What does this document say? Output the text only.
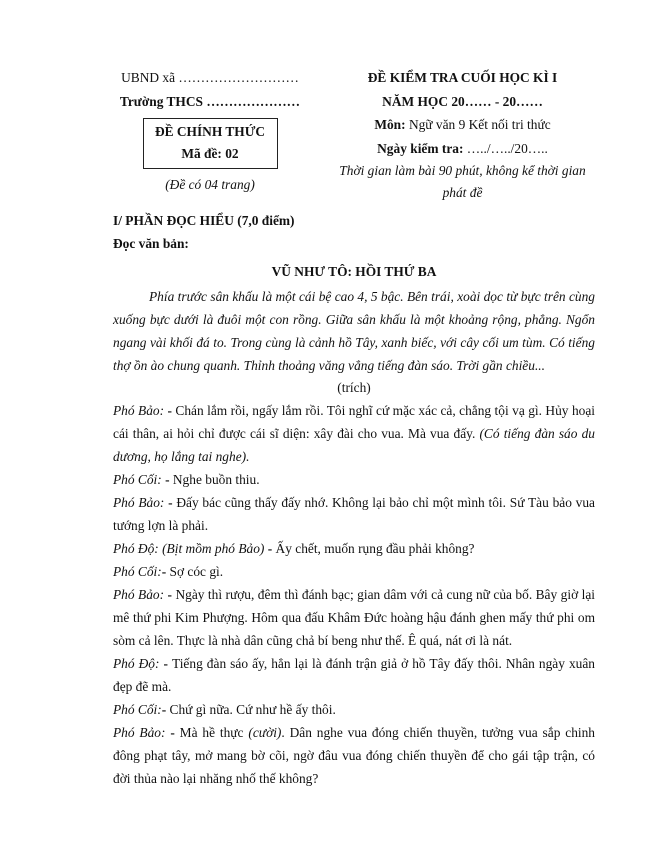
UBND xã ………………………
Trường THCS …………………
ĐỀ CHÍNH THỨC
Mã đề: 02
(Đề có 04 trang)
ĐỀ KIỂM TRA CUỐI HỌC KÌ I
NĂM HỌC 20…… - 20……
Môn: Ngữ văn 9 Kết nối tri thức
Ngày kiểm tra: …../…../20…..
Thời gian làm bài 90 phút, không kể thời gian
phát đề
I/ PHẦN ĐỌC HIỂU (7,0 điểm)
Đọc văn bản:
VŨ NHƯ TÔ: HỒI THỨ BA

Phía trước sân khấu là một cái bệ cao 4, 5 bậc. Bên trái, xoài dọc từ bực trên cùng xuống bực dưới là đuôi một con rồng. Giữa sân khấu là một khoảng rộng, phẳng. Ngổn ngang vài khối đá to. Trong cùng là cảnh hồ Tây, xanh biếc, với cây cối um tùm. Có tiếng thợ ồn ào chung quanh. Thỉnh thoảng văng vẳng tiếng đàn sáo. Trời gần chiều...

(trích)

Phó Bảo: - Chán lắm rồi, ngấy lắm rồi. Tôi nghĩ cứ mặc xác cả, chẳng tội vạ gì. Hủy hoại cái thân, ai hỏi chỉ được cái sĩ diện: xây đài cho vua. Mà vua đấy. (Có tiếng đàn sáo du dương, họ lắng tai nghe).

Phó Cối: - Nghe buồn thiu.

Phó Bảo: - Đấy bác cũng thấy đấy nhớ. Không lại bảo chỉ một mình tôi. Sứ Tàu bảo vua tướng lợn là phải.

Phó Độ: (Bịt mồm phó Bảo) - Ấy chết, muốn rụng đầu phải không?

Phó Cối:- Sợ cóc gì.

Phó Bảo: - Ngày thì rượu, đêm thì đánh bạc; gian dâm với cả cung nữ của bố. Bây giờ lại mê thứ phi Kim Phượng. Hôm qua đấu Khâm Đức hoàng hậu đánh ghen mấy thứ phi om sòm cả lên. Thực là nhà dân cũng chả bí beng như thế. Ê quá, nát ơi là nát.

Phó Độ: - Tiếng đàn sáo ấy, hẳn lại là đánh trận giả ở hồ Tây đấy thôi. Nhân ngày xuân đẹp đẽ mà.

Phó Cối:- Chứ gì nữa. Cứ như hề ấy thôi.

Phó Bảo: - Mà hề thực (cười). Dân nghe vua đóng chiến thuyền, tưởng vua sắp chinh đông phạt tây, mở mang bờ cõi, ngờ đâu vua đóng chiến thuyền để cho gái tập trận, có đời thủa nào lại nhăng nhố thế không?
